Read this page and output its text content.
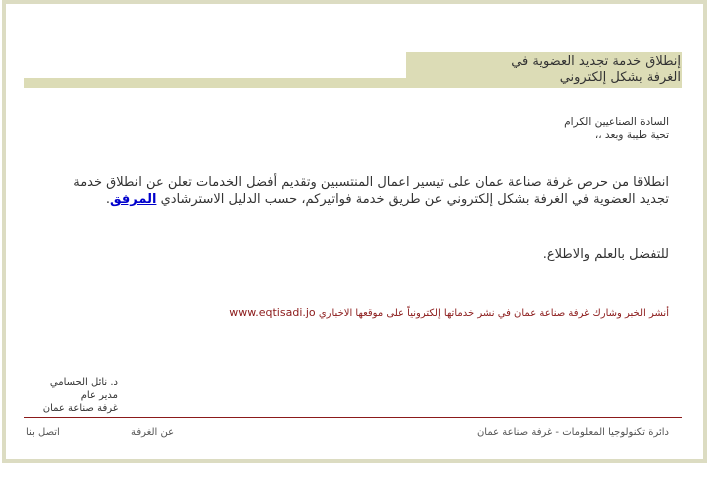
إنطلاق خدمة تجديد العضوية في
الغرفة بشكل إلكتروني
السادة الصناعيين الكرام
تحية طيبة وبعد ،،
انطلاقا من حرص غرفة صناعة عمان على تيسير اعمال المنتسبين وتقديم أفضل الخدمات تعلن عن انطلاق خدمة تجديد العضوية في الغرفة بشكل إلكتروني عن طريق خدمة فواتيركم، حسب الدليل الاسترشادي المرفق.
للتفضل بالعلم والاطلاع.
أنشر الخبر وشارك غرفة صناعة عمان في نشر خدماتها إلكترونياً على موقعها الاخباري www.eqtisadi.jo
د. نائل الحسامي
مدير عام
غرفة صناعة عمان
دائرة تكنولوجيا المعلومات - غرفة صناعة عمان
عن الغرفة
اتصل بنا
